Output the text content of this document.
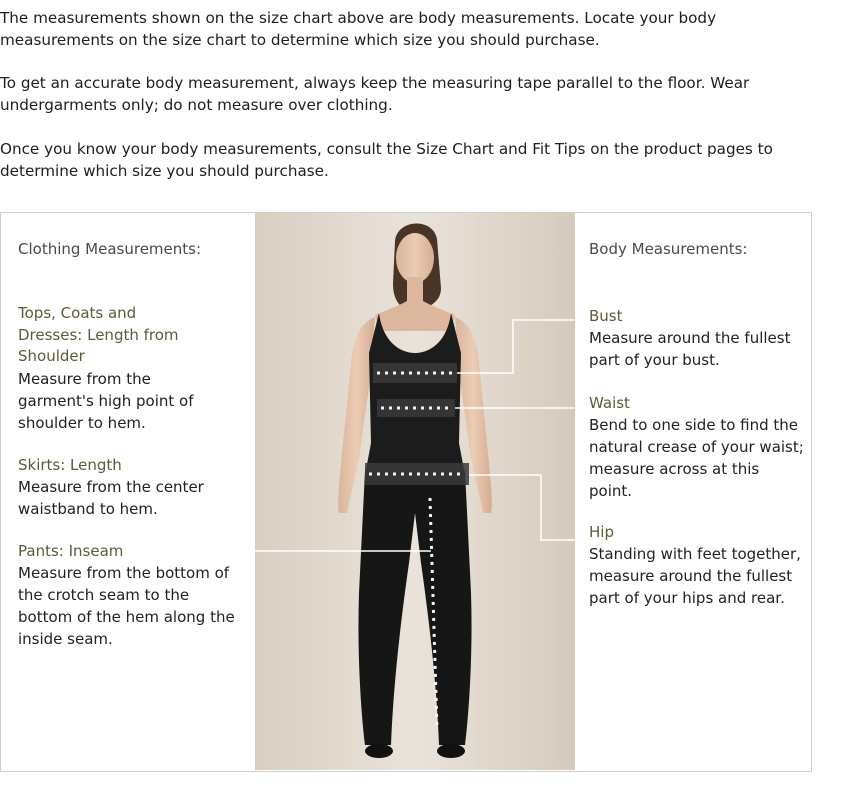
The measurements shown on the size chart above are body measurements. Locate your body measurements on the size chart to determine which size you should purchase.

To get an accurate body measurement, always keep the measuring tape parallel to the floor. Wear undergarments only; do not measure over clothing.

Once you know your body measurements, consult the Size Chart and Fit Tips on the product pages to determine which size you should purchase.

Clothing Measurements:

Tops, Coats and Dresses: Length from Shoulder

Measure from the garment's high point of shoulder to hem.

Skirts: Length

Measure from the center waistband to hem.

Pants: Inseam

Measure from the bottom of the crotch seam to the bottom of the hem along the inside seam.

Body Measurements:

Bust

Measure around the fullest part of your bust.

Waist

Bend to one side to find the natural crease of your waist; measure across at this point.

Hip

Standing with feet together, measure around the fullest part of your hips and rear.
